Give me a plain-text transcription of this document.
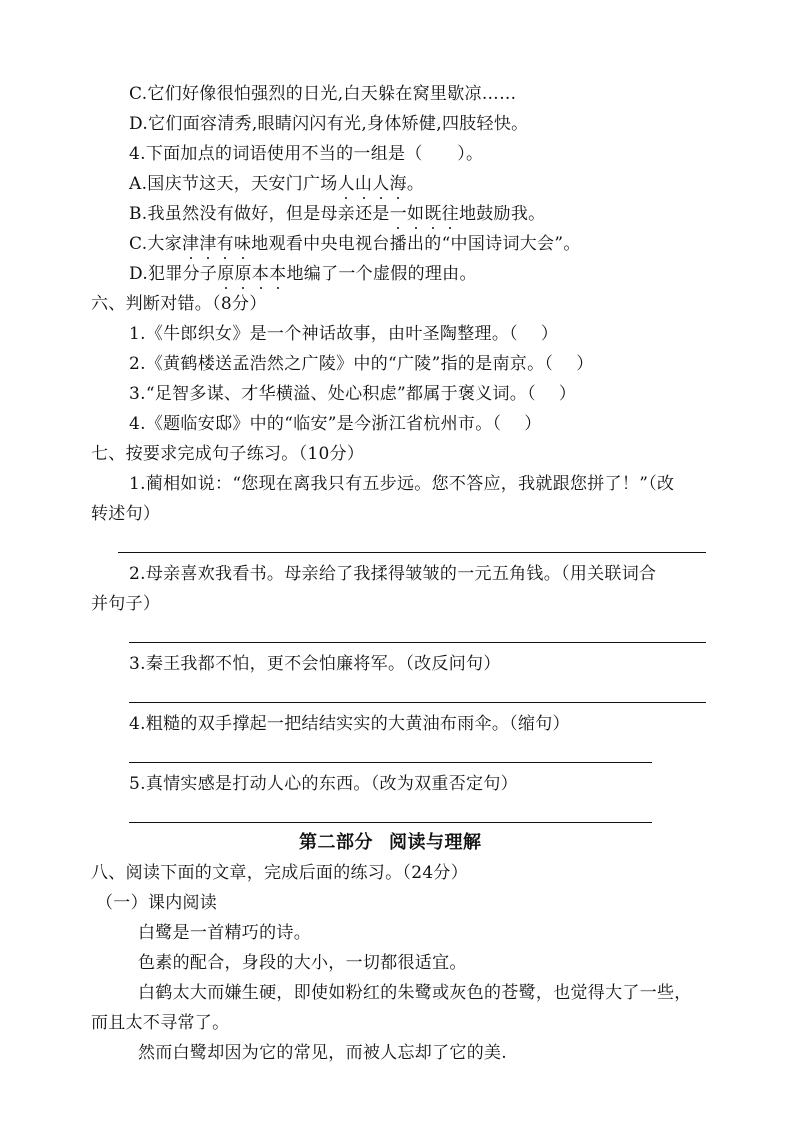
C.它们好像很怕强烈的日光,白天躲在窝里歇凉……
D.它们面容清秀,眼睛闪闪有光,身体矫健,四肢轻快。
4.下面加点的词语使用不当的一组是（　　）。
A.国庆节这天，天安门广场人山人海。
B.我虽然没有做好，但是母亲还是一如既往地鼓励我。
C.大家津津有味地观看中央电视台播出的“中国诗词大会”。
D.犯罪分子原原本本地编了一个虚假的理由。
六、判断对错。（8分）
1.《牛郎织女》是一个神话故事，由叶圣陶整理。（　 ）
2.《黄鹤楼送孟浩然之广陵》中的“广陵”指的是南京。（　 ）
3.“足智多谋、才华横溢、处心积虑”都属于褒义词。（　 ）
4.《题临安邸》中的“临安”是今浙江省杭州市。（　 ）
七、按要求完成句子练习。（10分）
1.蔺相如说：“您现在离我只有五步远。您不答应，我就跟您拼了！”（改
转述句）
2.母亲喜欢我看书。母亲给了我揉得皱皱的一元五角钱。（用关联词合
并句子）
3.秦王我都不怕，更不会怕廉将军。（改反问句）
4.粗糙的双手撑起一把结结实实的大黄油布雨伞。（缩句）
5.真情实感是打动人心的东西。（改为双重否定句）
第二部分 阅读与理解
八、阅读下面的文章，完成后面的练习。（24分）
（一）课内阅读
白鹭是一首精巧的诗。
色素的配合，身段的大小，一切都很适宜。
白鹤太大而嫌生硬，即使如粉红的朱鹭或灰色的苍鹭，也觉得大了一些，
而且太不寻常了。
然而白鹭却因为它的常见，而被人忘却了它的美.
